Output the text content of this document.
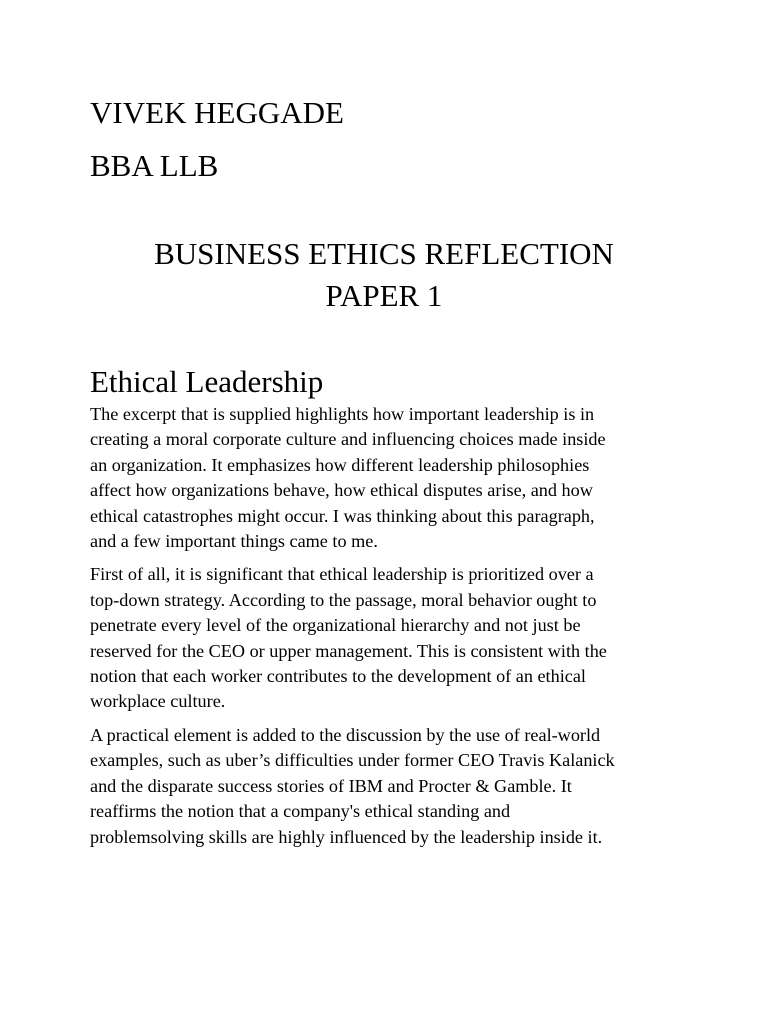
VIVEK HEGGADE
BBA LLB
BUSINESS ETHICS REFLECTION
PAPER 1
Ethical Leadership

The excerpt that is supplied highlights how important leadership is in
creating a moral corporate culture and influencing choices made inside
an organization. It emphasizes how different leadership philosophies
affect how organizations behave, how ethical disputes arise, and how
ethical catastrophes might occur. I was thinking about this paragraph,
and a few important things came to me.

First of all, it is significant that ethical leadership is prioritized over a
top-down strategy. According to the passage, moral behavior ought to
penetrate every level of the organizational hierarchy and not just be
reserved for the CEO or upper management. This is consistent with the
notion that each worker contributes to the development of an ethical
workplace culture.

A practical element is added to the discussion by the use of real-world
examples, such as uber’s difficulties under former CEO Travis Kalanick
and the disparate success stories of IBM and Procter & Gamble. It
reaffirms the notion that a company's ethical standing and
problemsolving skills are highly influenced by the leadership inside it.
